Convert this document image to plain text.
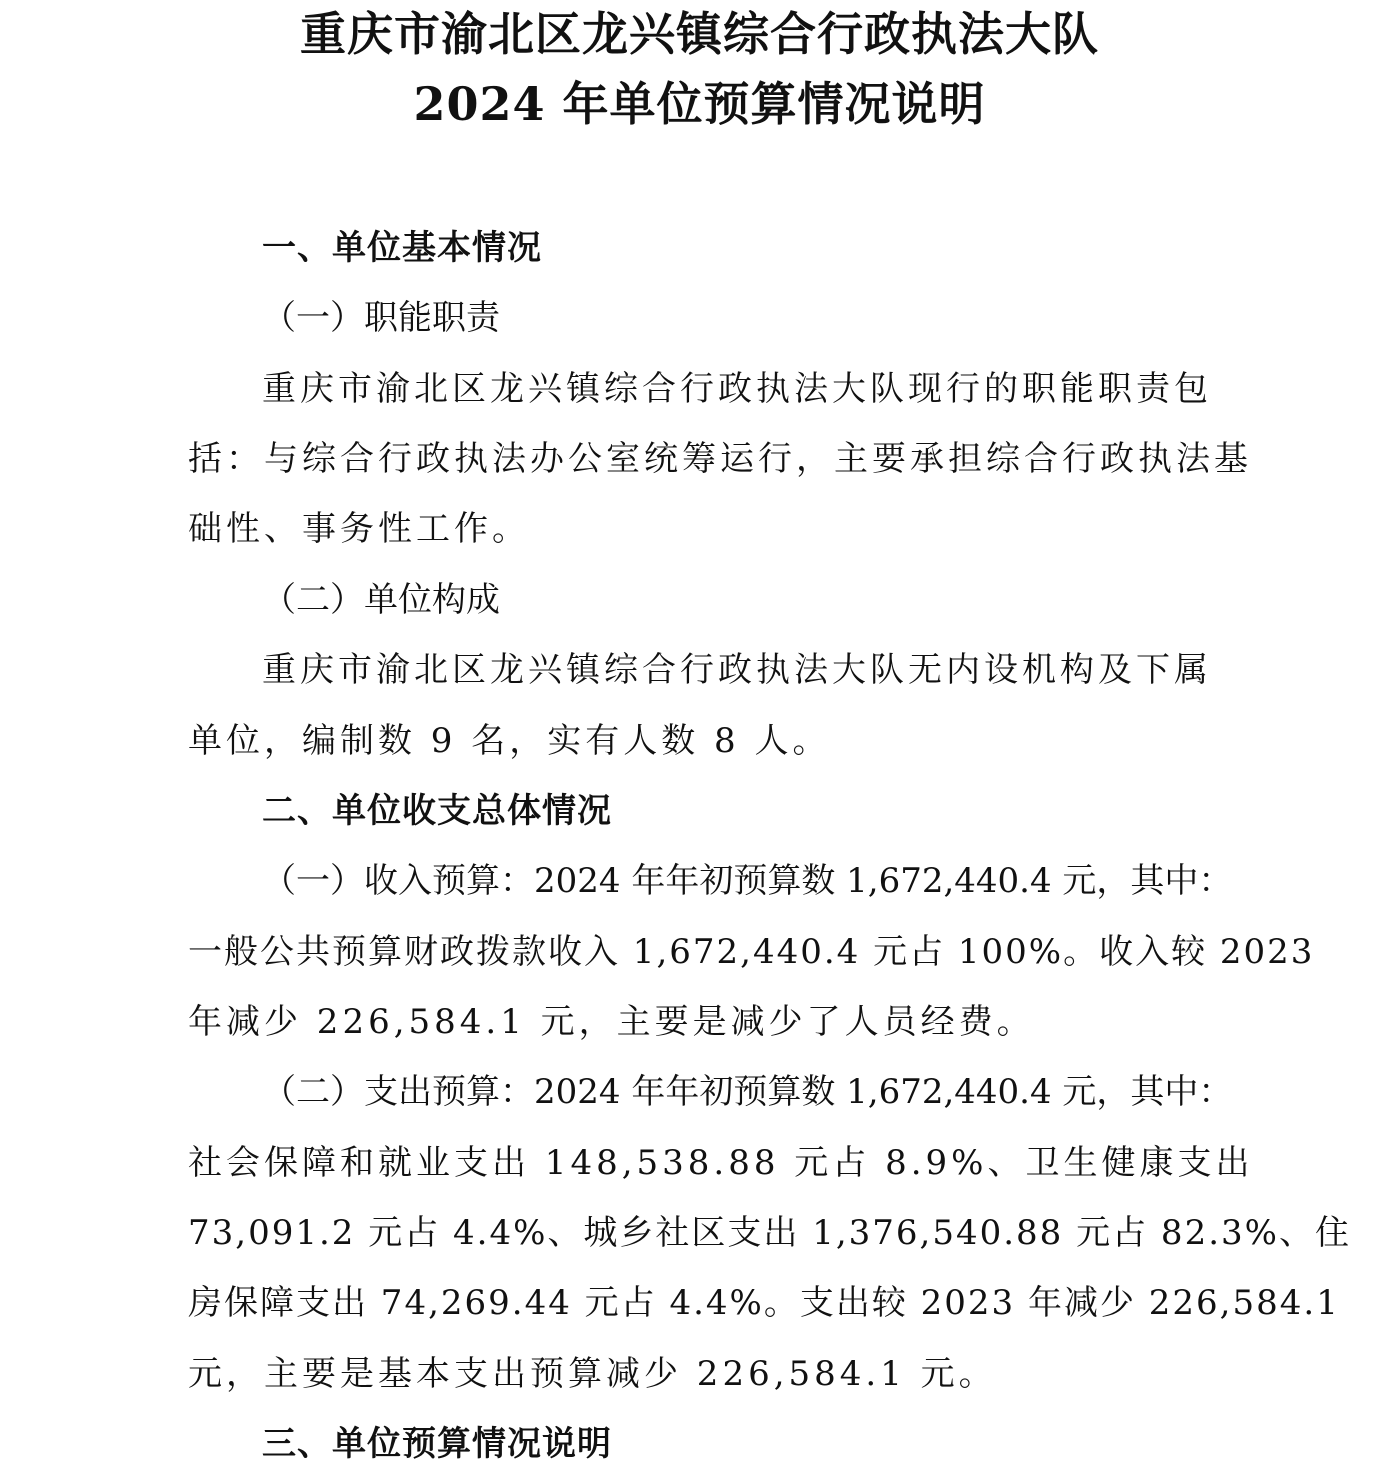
重庆市渝北区龙兴镇综合行政执法大队
2024 年单位预算情况说明
一、单位基本情况

（一）职能职责

重庆市渝北区龙兴镇综合行政执法大队现行的职能职责包

括：与综合行政执法办公室统筹运行，主要承担综合行政执法基

础性、事务性工作。

（二）单位构成

重庆市渝北区龙兴镇综合行政执法大队无内设机构及下属

单位，编制数 9 名，实有人数 8 人。

二、单位收支总体情况

（一）收入预算：2024 年年初预算数 1,672,440.4 元，其中：

一般公共预算财政拨款收入 1,672,440.4 元占 100%。收入较 2023

年减少 226,584.1 元，主要是减少了人员经费。

（二）支出预算：2024 年年初预算数 1,672,440.4 元，其中：

社会保障和就业支出 148,538.88 元占 8.9%、卫生健康支出

73,091.2 元占 4.4%、城乡社区支出 1,376,540.88 元占 82.3%、住

房保障支出 74,269.44 元占 4.4%。支出较 2023 年减少 226,584.1

元，主要是基本支出预算减少 226,584.1 元。

三、单位预算情况说明
